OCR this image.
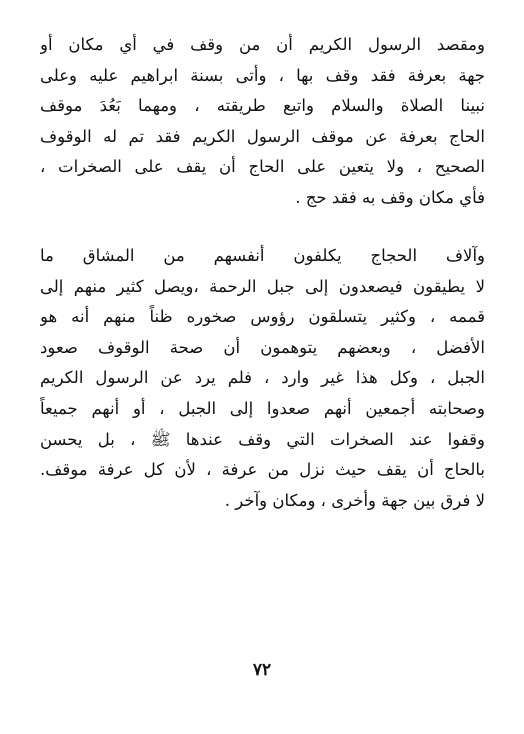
ومقصد الرسول الكريم أن من وقف في أي مكان أو
جهة بعرفة فقد وقف بها ، وأتى بسنة ابراهيم عليه وعلى
نبينا الصلاة والسلام واتبع طريقته ، ومهما بَعُدَ موقف
الحاج بعرفة عن موقف الرسول الكريم فقد تم له الوقوف
الصحيح ، ولا يتعين على الحاج أن يقف على الصخرات ،
فأي مكان وقف به فقد حج .
وآلاف الحجاج يكلفون أنفسهم من المشاق ما
لا يطيقون فيصعدون إلى جبل الرحمة ،ويصل كثير منهم إلى
قممه ، وكثير يتسلقون رؤوس صخوره ظناً منهم أنه هو
الأفضل ، وبعضهم يتوهمون أن صحة الوقوف صعود
الجبل ، وكل هذا غير وارد ، فلم يرد عن الرسول الكريم
وصحابته أجمعين أنهم صعدوا إلى الجبل ، أو أنهم جميعاً
وقفوا عند الصخرات التي وقف عندها ﷺ ، بل يحسن
بالحاج أن يقف حيث نزل من عرفة ، لأن كل عرفة موقف.
لا فرق بين جهة وأخرى ، ومكان وآخر .
٧٢
